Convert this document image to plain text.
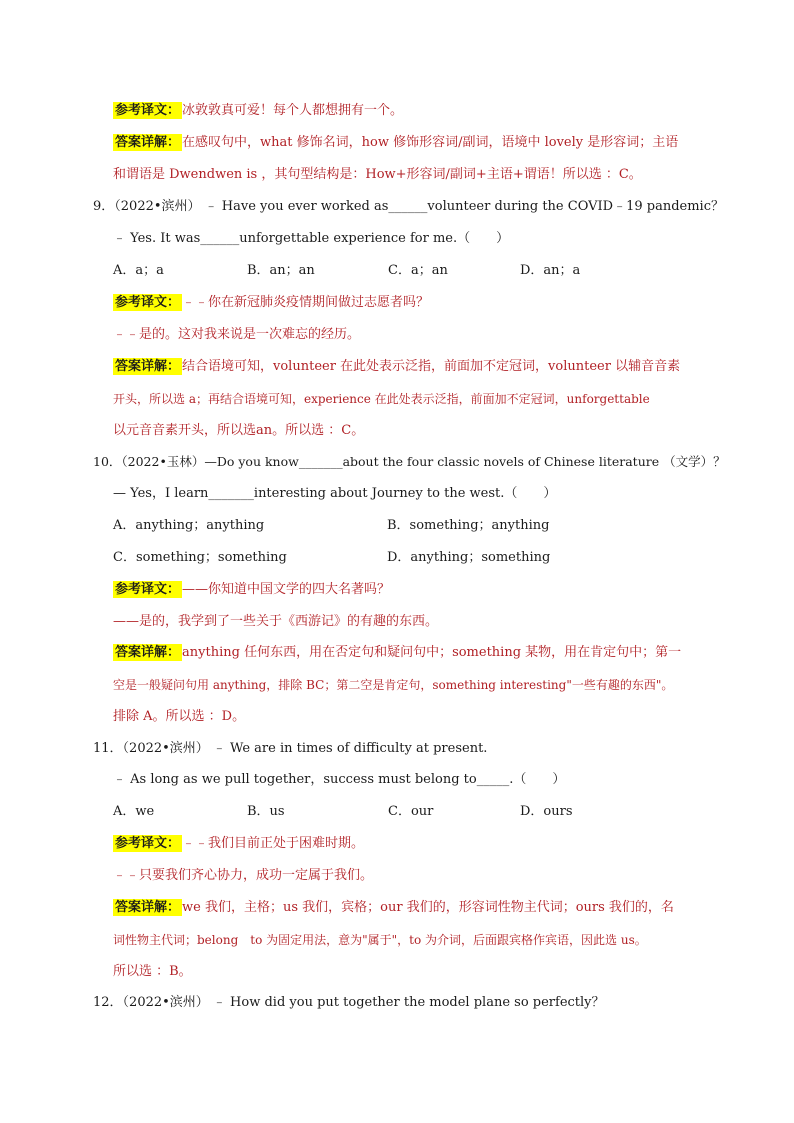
参考译文： 冰敦敦真可爱！每个人都想拥有一个。
答案详解： 在感叹句中，what 修饰名词，how 修饰形容词/副词，语境中 lovely 是形容词；主语
和谓语是 Dwendwen is ，其句型结构是：How+形容词/副词+主语+谓语！所以选 ：C。
9．（2022•滨州） ﹣ Have you ever worked as______volunteer during the COVID﹣19 pandemic？
﹣ Yes. It was______unforgettable experience for me.（　　）
A．a；a	B．an；an	C．a；an	D．an；a
参考译文： ﹣﹣你在新冠肺炎疫情期间做过志愿者吗？
﹣﹣是的。这对我来说是一次难忘的经历。
答案详解： 结合语境可知，volunteer 在此处表示泛指，前面加不定冠词，volunteer 以辅音音素
开头，所以选 a；再结合语境可知，experience 在此处表示泛指，前面加不定冠词，unforgettable
以元音音素开头，所以选an。所以选 ：C。
10．（2022•玉林）—Do you know_______about the four classic novels of Chinese literature （文学）？
— Yes，I learn_______interesting about Journey to the west.（　　）
A．anything；anything	B．something；anything
C．something；something	D．anything；something
参考译文： ——你知道中国文学的四大名著吗？
——是的，我学到了一些关于《西游记》的有趣的东西。
答案详解： anything 任何东西，用在否定句和疑问句中；something 某物，用在肯定句中；第一
空是一般疑问句用 anything，排除 BC；第二空是肯定句，something interesting"一些有趣的东西"。
排除 A。所以选 ：D。
11．（2022•滨州） ﹣ We are in times of difficulty at present.
﹣ As long as we pull together，success must belong to_____.（　　）
A．we	B．us	C．our	D．ours
参考译文： ﹣﹣我们目前正处于困难时期。
﹣﹣只要我们齐心协力，成功一定属于我们。
答案详解： we 我们，主格；us 我们，宾格；our 我们的，形容词性物主代词；ours 我们的，名
词性物主代词；belong　to 为固定用法，意为"属于"，to 为介词，后面跟宾格作宾语，因此选 us。
所以选 ：B。
12．（2022•滨州） ﹣ How did you put together the model plane so perfectly？
